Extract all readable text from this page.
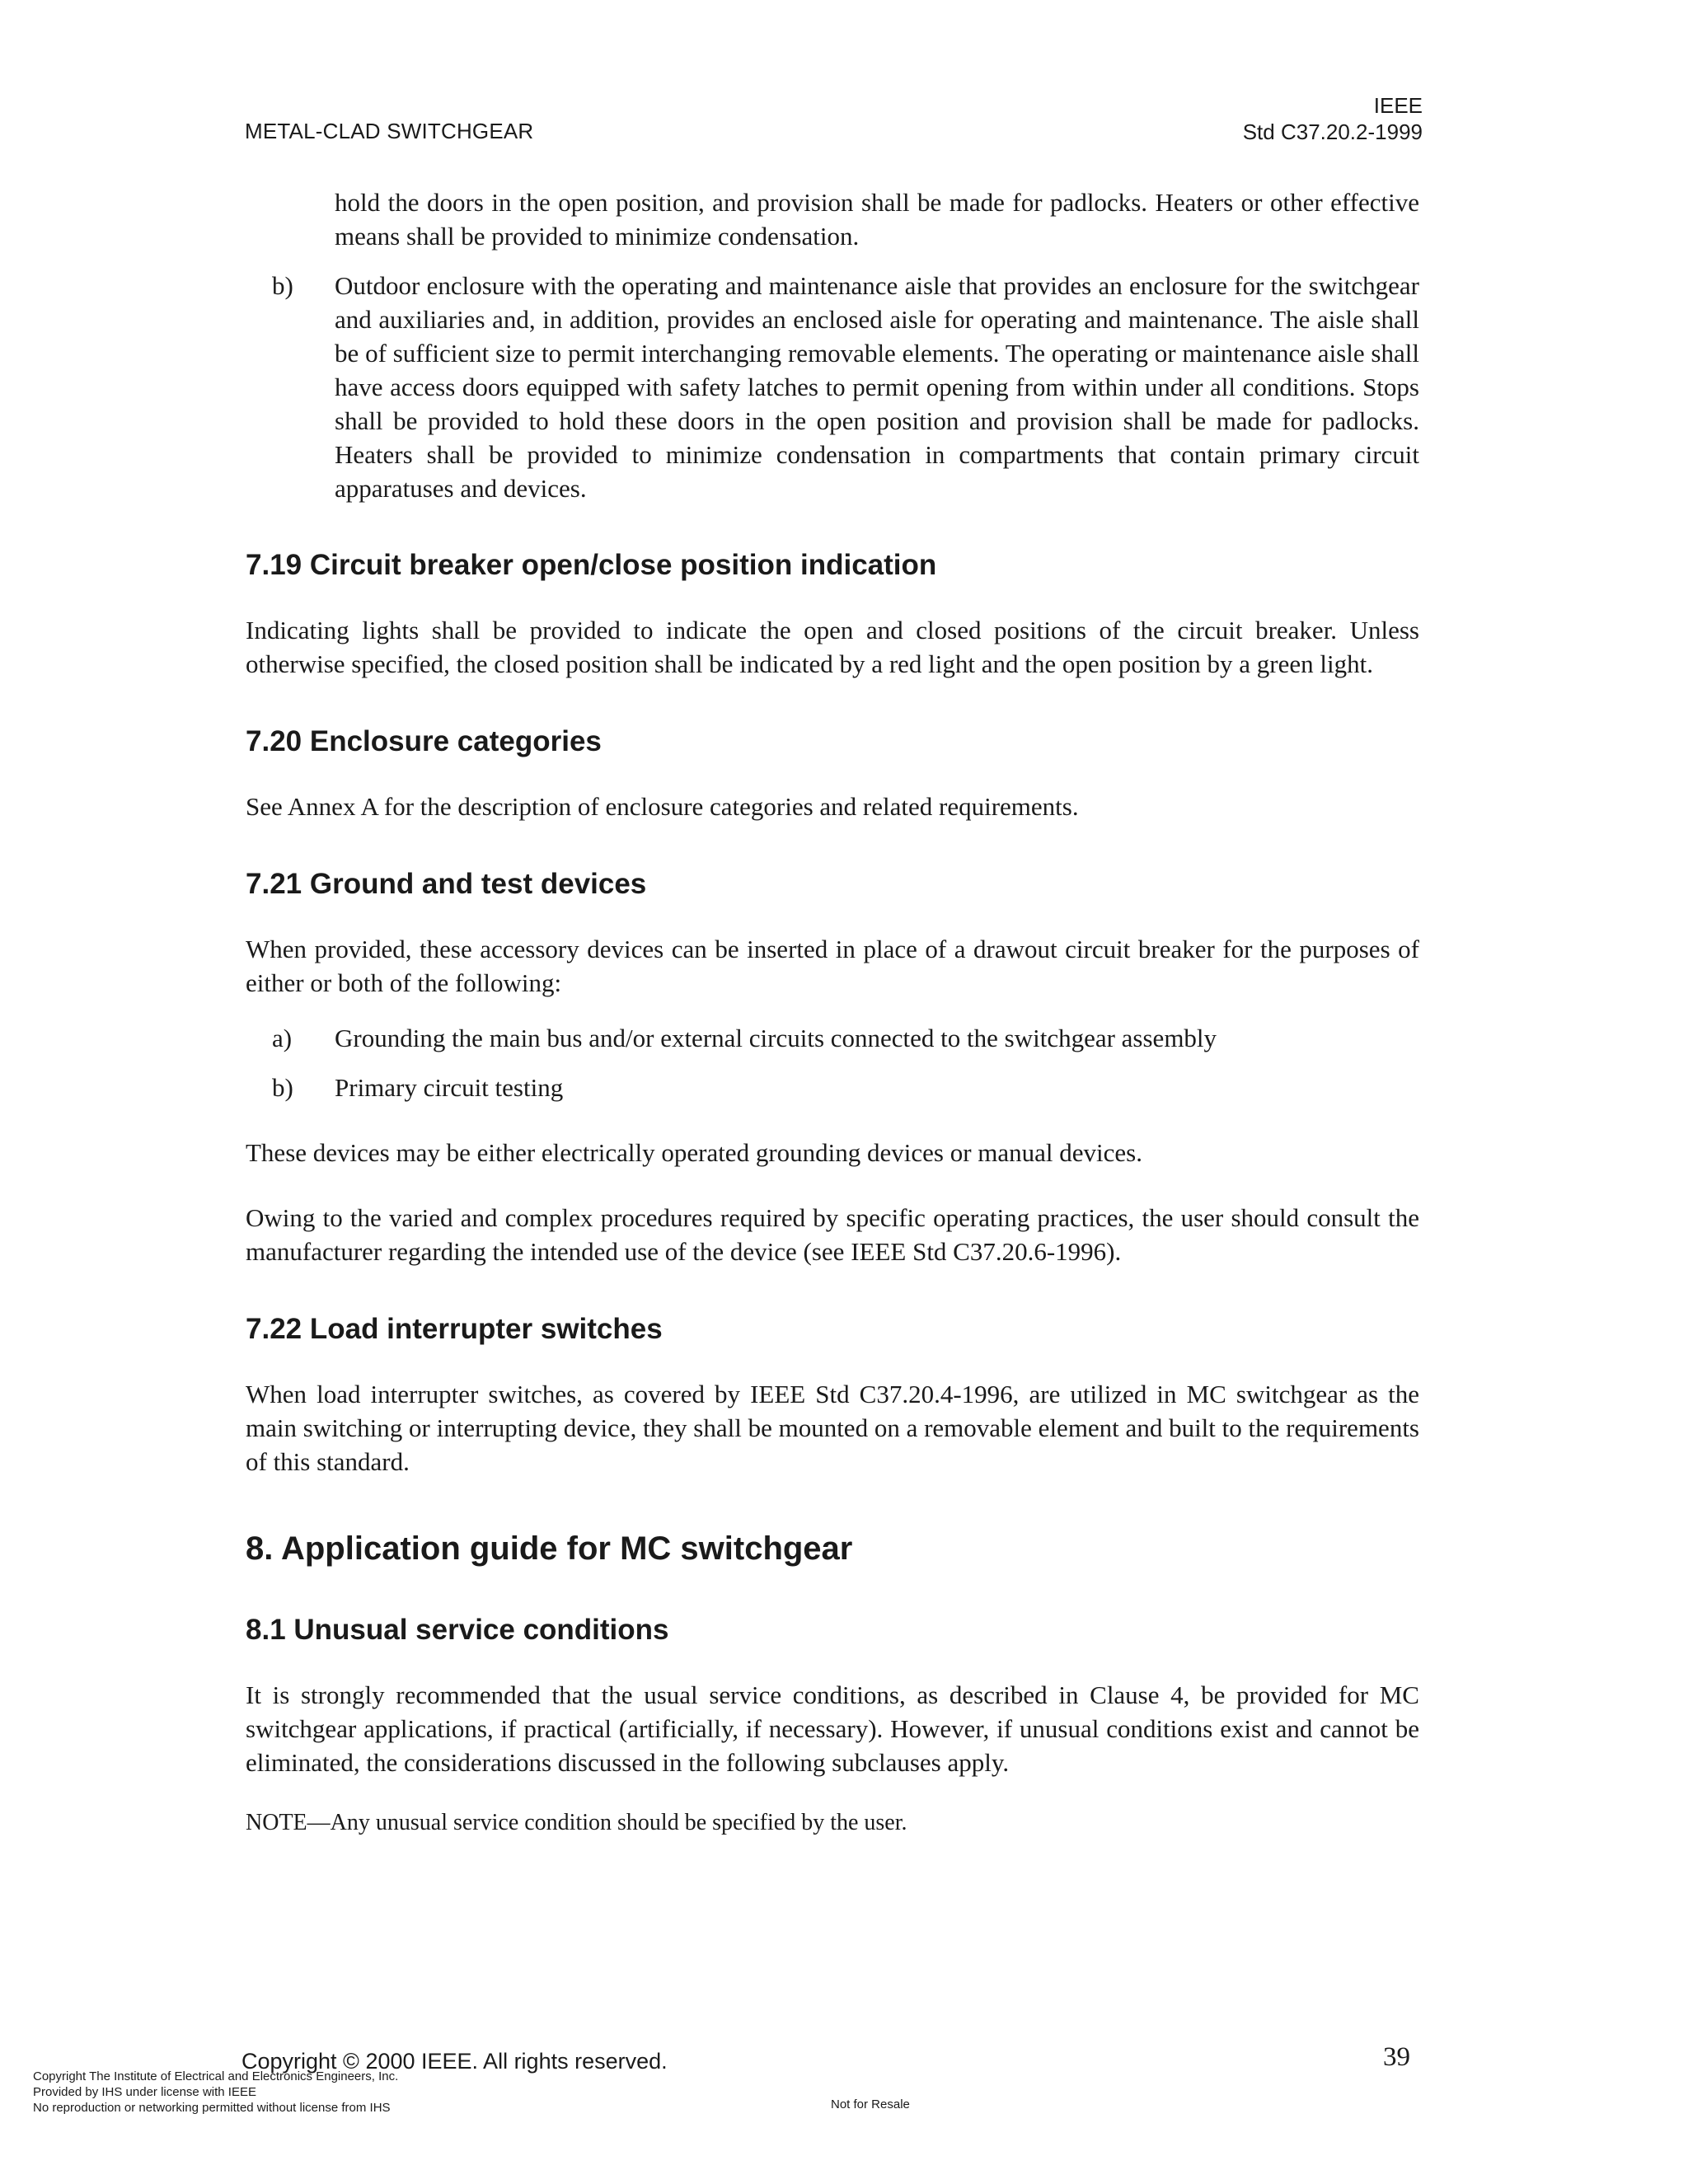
METAL-CLAD SWITCHGEAR
IEEE
Std C37.20.2-1999

hold the doors in the open position, and provision shall be made for padlocks. Heaters or other effective means shall be provided to minimize condensation.

b) Outdoor enclosure with the operating and maintenance aisle that provides an enclosure for the switchgear and auxiliaries and, in addition, provides an enclosed aisle for operating and maintenance. The aisle shall be of sufficient size to permit interchanging removable elements. The operating or maintenance aisle shall have access doors equipped with safety latches to permit opening from within under all conditions. Stops shall be provided to hold these doors in the open position and provision shall be made for padlocks. Heaters shall be provided to minimize condensation in compartments that contain primary circuit apparatuses and devices.

7.19 Circuit breaker open/close position indication

Indicating lights shall be provided to indicate the open and closed positions of the circuit breaker. Unless otherwise specified, the closed position shall be indicated by a red light and the open position by a green light.

7.20 Enclosure categories

See Annex A for the description of enclosure categories and related requirements.

7.21 Ground and test devices

When provided, these accessory devices can be inserted in place of a drawout circuit breaker for the purposes of either or both of the following:

a) Grounding the main bus and/or external circuits connected to the switchgear assembly

b) Primary circuit testing

These devices may be either electrically operated grounding devices or manual devices.

Owing to the varied and complex procedures required by specific operating practices, the user should consult the manufacturer regarding the intended use of the device (see IEEE Std C37.20.6-1996).

7.22 Load interrupter switches

When load interrupter switches, as covered by IEEE Std C37.20.4-1996, are utilized in MC switchgear as the main switching or interrupting device, they shall be mounted on a removable element and built to the requirements of this standard.

8. Application guide for MC switchgear
8.1 Unusual service conditions

It is strongly recommended that the usual service conditions, as described in Clause 4, be provided for MC switchgear applications, if practical (artificially, if necessary). However, if unusual conditions exist and cannot be eliminated, the considerations discussed in the following subclauses apply.

NOTE—Any unusual service condition should be specified by the user.

Copyright © 2000 IEEE. All rights reserved.	39
Copyright The Institute of Electrical and Electronics Engineers, Inc.
Provided by IHS under license with IEEE
No reproduction or networking permitted without license from IHS	Not for Resale
